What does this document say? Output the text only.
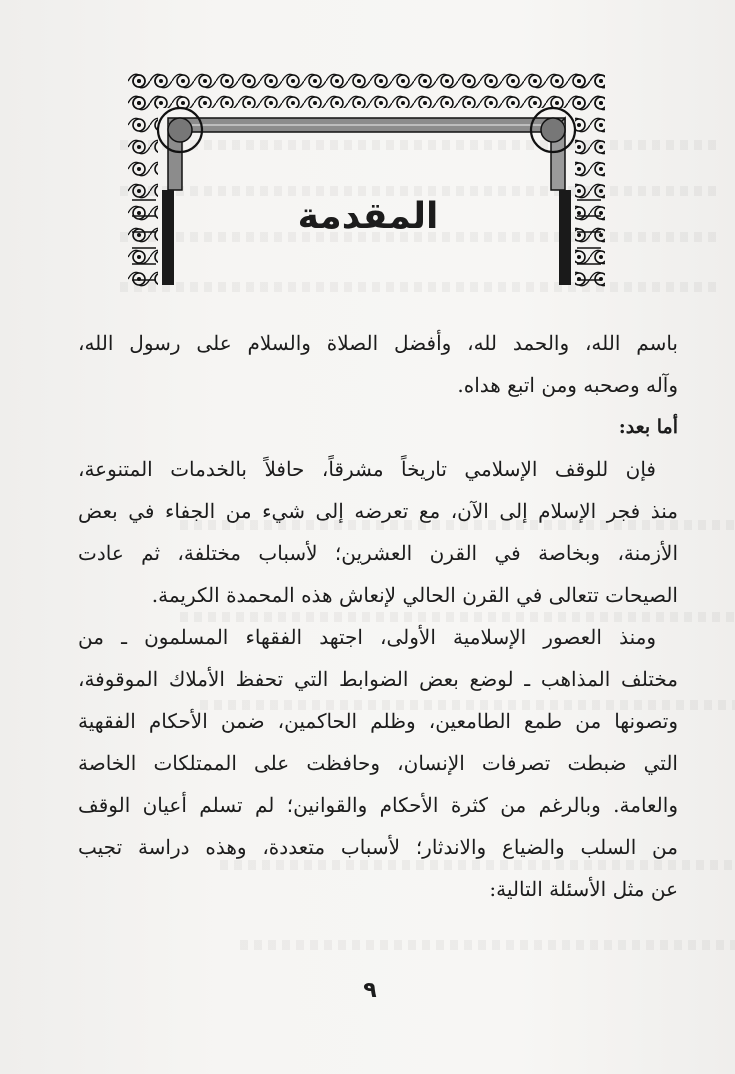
المقدمة
باسم الله، والحمد لله، وأفضل الصلاة والسلام على رسول الله،
وآله وصحبه ومن اتبع هداه.
أما بعد:
فإن للوقف الإسلامي تاريخاً مشرقاً، حافلاً بالخدمات المتنوعة،
منذ فجر الإسلام إلى الآن، مع تعرضه إلى شيء من الجفاء في بعض
الأزمنة، وبخاصة في القرن العشرين؛ لأسباب مختلفة، ثم عادت
الصيحات تتعالى في القرن الحالي لإنعاش هذه المحمدة الكريمة.
ومنذ العصور الإسلامية الأولى، اجتهد الفقهاء المسلمون ـ من
مختلف المذاهب ـ لوضع بعض الضوابط التي تحفظ الأملاك الموقوفة،
وتصونها من طمع الطامعين، وظلم الحاكمين، ضمن الأحكام الفقهية
التي ضبطت تصرفات الإنسان، وحافظت على الممتلكات الخاصة
والعامة. وبالرغم من كثرة الأحكام والقوانين؛ لم تسلم أعيان الوقف
من السلب والضياع والاندثار؛ لأسباب متعددة، وهذه دراسة تجيب
عن مثل الأسئلة التالية:
٩
